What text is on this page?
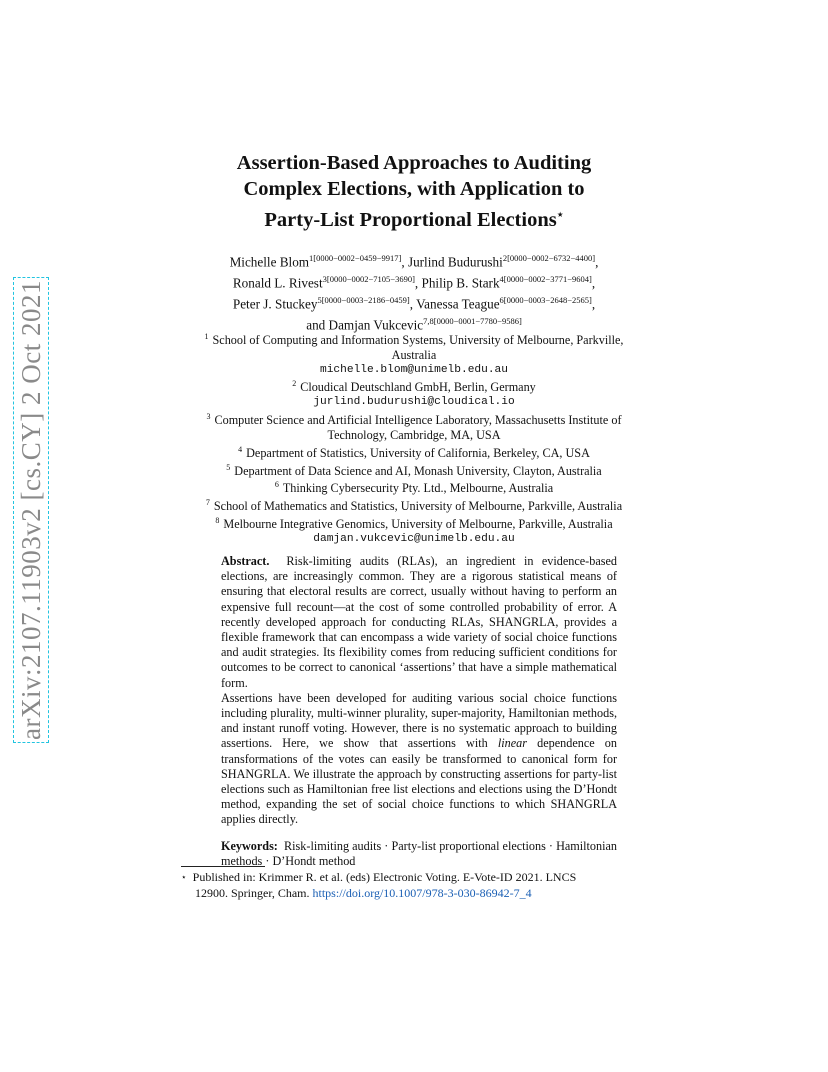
arXiv:2107.11903v2 [cs.CY] 2 Oct 2021
Assertion-Based Approaches to Auditing
Complex Elections, with Application to
Party-List Proportional Elections⋆
Michelle Blom$^{1[0000-0002-0459-9917]}$, Jurlind Budurushi$^{2[0000-0002-6732-4400]}$,
Ronald L. Rivest$^{3[0000-0002-7105-3690]}$, Philip B. Stark$^{4[0000-0002-3771-9604]}$,
Peter J. Stuckey$^{5[0000-0003-2186-0459]}$, Vanessa Teague$^{6[0000-0003-2648-2565]}$,
and Damjan Vukcevic$^{7,8[0000-0001-7780-9586]}$
$^1$ School of Computing and Information Systems, University of Melbourne, Parkville,
Australia
michelle.blom@unimelb.edu.au
$^2$ Cloudical Deutschland GmbH, Berlin, Germany
jurlind.budurushi@cloudical.io
$^3$ Computer Science and Artificial Intelligence Laboratory, Massachusetts Institute of
Technology, Cambridge, MA, USA
$^4$ Department of Statistics, University of California, Berkeley, CA, USA
$^5$ Department of Data Science and AI, Monash University, Clayton, Australia
$^6$ Thinking Cybersecurity Pty. Ltd., Melbourne, Australia
$^7$ School of Mathematics and Statistics, University of Melbourne, Parkville, Australia
$^8$ Melbourne Integrative Genomics, University of Melbourne, Parkville, Australia
damjan.vukcevic@unimelb.edu.au

Abstract. Risk-limiting audits (RLAs), an ingredient in evidence-based elections, are increasingly common. They are a rigorous statistical means of ensuring that electoral results are correct, usually without having to perform an expensive full recount—at the cost of some controlled probability of error. A recently developed approach for conducting RLAs, SHANGRLA, provides a flexible framework that can encompass a wide variety of social choice functions and audit strategies. Its flexibility comes from reducing sufficient conditions for outcomes to be correct to canonical ‘assertions’ that have a simple mathematical form.

Assertions have been developed for auditing various social choice functions including plurality, multi-winner plurality, super-majority, Hamiltonian methods, and instant runoff voting. However, there is no systematic approach to building assertions. Here, we show that assertions with linear dependence on transformations of the votes can easily be transformed to canonical form for SHANGRLA. We illustrate the approach by constructing assertions for party-list elections such as Hamiltonian free list elections and elections using the D’Hondt method, expanding the set of social choice functions to which SHANGRLA applies directly.

Keywords: Risk-limiting audits · Party-list proportional elections · Hamiltonian methods · D’Hondt method

⋆ Published in: Krimmer R. et al. (eds) Electronic Voting. E-Vote-ID 2021. LNCS
12900. Springer, Cham. https://doi.org/10.1007/978-3-030-86942-7_4
